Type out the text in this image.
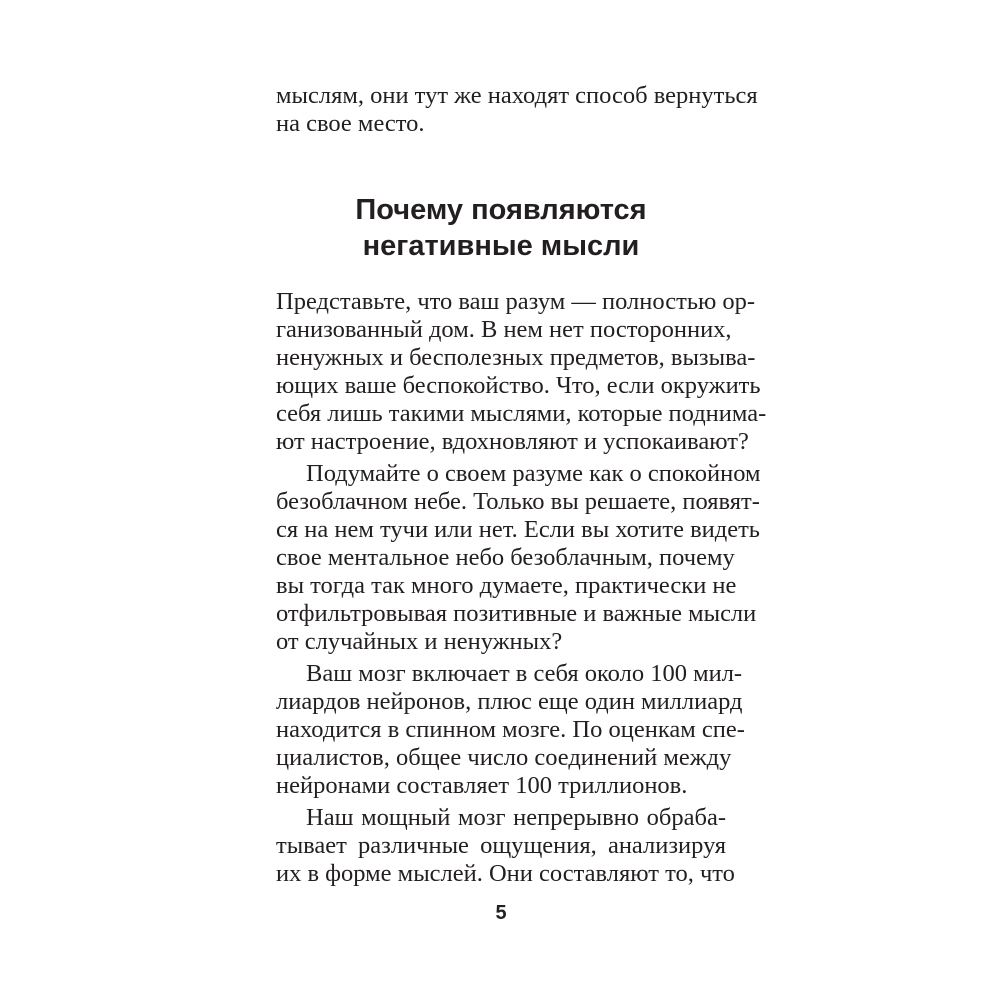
мыслям, они тут же находят способ вернуться
на свое место.
Почему появляются
негативные мысли
Представьте, что ваш разум — полностью ор-
ганизованный дом. В нем нет посторонних,
ненужных и бесполезных предметов, вызыва-
ющих ваше беспокойство. Что, если окружить
себя лишь такими мыслями, которые поднима-
ют настроение, вдохновляют и успокаивают?
Подумайте о своем разуме как о спокойном
безоблачном небе. Только вы решаете, появят-
ся на нем тучи или нет. Если вы хотите видеть
свое ментальное небо безоблачным, почему
вы тогда так много думаете, практически не
отфильтровывая позитивные и важные мысли
от случайных и ненужных?
Ваш мозг включает в себя около 100 мил-
лиардов нейронов, плюс еще один миллиард
находится в спинном мозге. По оценкам спе-
циалистов, общее число соединений между
нейронами составляет 100 триллионов.
Наш мощный мозг непрерывно обраба-
тывает различные ощущения, анализируя
их в форме мыслей. Они составляют то, что
5
